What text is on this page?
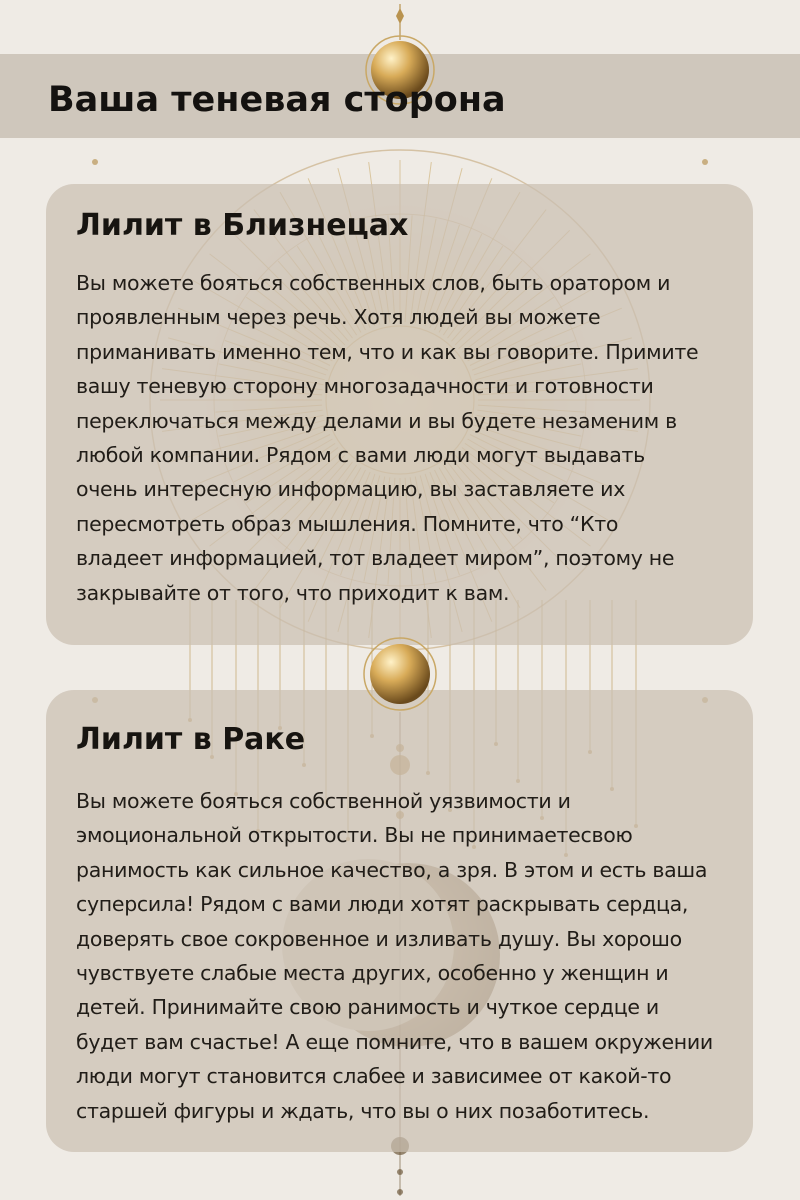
Ваша теневая сторона
Лилит в Близнецах

Вы можете бояться собственных слов, быть оратором и
проявленным через речь. Хотя людей вы можете
приманивать именно тем, что и как вы говорите. Примите
вашу теневую сторону многозадачности и готовности
переключаться между делами и вы будете незаменим в
любой компании. Рядом с вами люди могут выдавать
очень интересную информацию, вы заставляете их
пересмотреть образ мышления. Помните, что “Кто
владеет информацией, тот владеет миром”, поэтому не
закрывайте от того, что приходит к вам.

Лилит в Раке

Вы можете бояться собственной уязвимости и
эмоциональной открытости. Вы не принимаетесвою
ранимость как сильное качество, а зря. В этом и есть ваша
суперсила! Рядом с вами люди хотят раскрывать сердца,
доверять свое сокровенное и изливать душу. Вы хорошо
чувствуете слабые места других, особенно у женщин и
детей. Принимайте свою ранимость и чуткое сердце и
будет вам счастье! А еще помните, что в вашем окружении
люди могут становится слабее и зависимее от какой-то
старшей фигуры и ждать, что вы о них позаботитесь.
